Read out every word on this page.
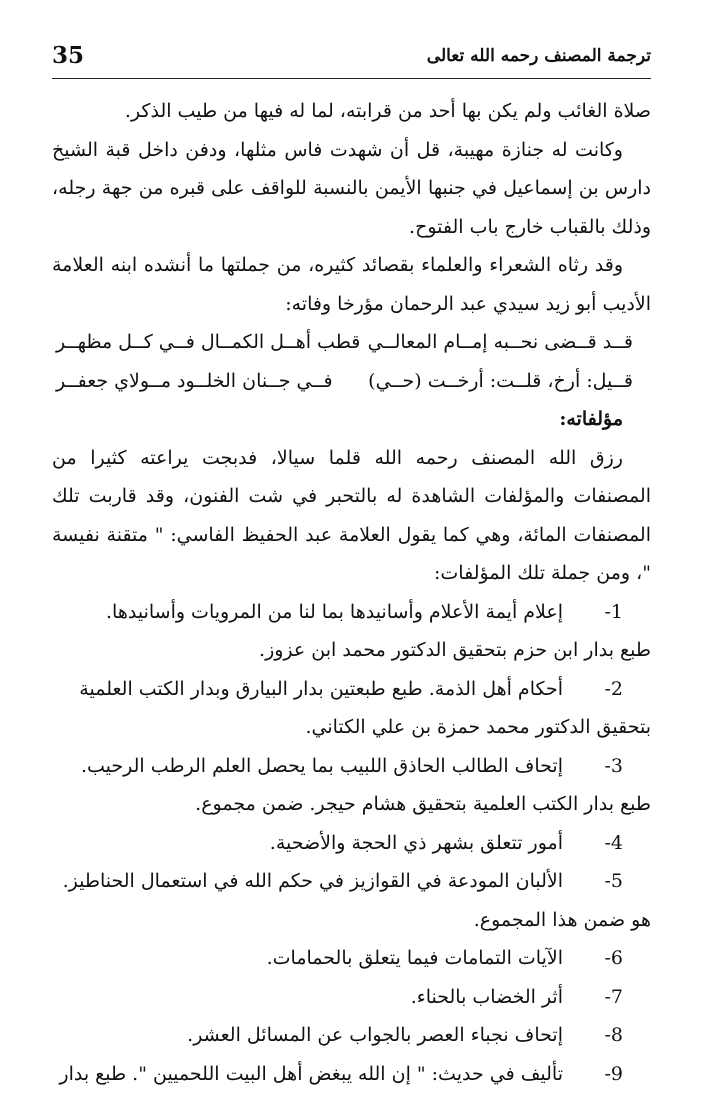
35	ترجمة المصنف رحمه الله تعالى

صلاة الغائب ولم يكن بها أحد من قرابته، لما له فيها من طيب الذكر.

وكانت له جنازة مهيبة، قل أن شهدت فاس مثلها، ودفن داخل قبة الشيخ دارس بن إسماعيل في جنبها الأيمن بالنسبة للواقف على قبره من جهة رجله، وذلك بالقباب خارج باب الفتوح.

وقد رثاه الشعراء والعلماء بقصائد كثيره، من جملتها ما أنشده ابنه العلامة الأديب أبو زيد سيدي عبد الرحمان مؤرخا وفاته:

قــد قــضى نحــبه إمــام المعالــي
قطب أهــل الكمــال فــي كــل مظهــر
قــيل: أرخ، قلــت: أرخــت (حــي)
فــي جــنان الخلــود مــولاي جعفــر

مؤلفاته:

رزق الله المصنف رحمه الله قلما سيالا، فدبجت يراعته كثيرا من المصنفات والمؤلفات الشاهدة له بالتحبر في شت الفنون، وقد قاربت تلك المصنفات المائة، وهي كما يقول العلامة عبد الحفيظ الفاسي: " متقنة نفيسة "، ومن جملة تلك المؤلفات:

-1
إعلام أيمة الأعلام وأسانيدها بما لنا من المرويات وأسانيدها.

طبع بدار ابن حزم بتحقيق الدكتور محمد ابن عزوز.

-2
أحكام أهل الذمة. طبع طبعتين بدار البيارق وبدار الكتب العلمية

بتحقيق الدكتور محمد حمزة بن علي الكتاني.

-3
إتحاف الطالب الحاذق اللبيب بما يحصل العلم الرطب الرحيب.

طبع بدار الكتب العلمية بتحقيق هشام حيجر. ضمن مجموع.

-4
أمور تتعلق بشهر ذي الحجة والأضحية.
-5
الألبان المودعة في القوازيز في حكم الله في استعمال الحناطيز.

هو ضمن هذا المجموع.

-6
الآيات التمامات فيما يتعلق بالحمامات.
-7
أثر الخضاب بالحناء.
-8
إتحاف نجباء العصر بالجواب عن المسائل العشر.
-9
تأليف في حديث: " إن الله يبغض أهل البيت اللحميين ". طبع بدار
